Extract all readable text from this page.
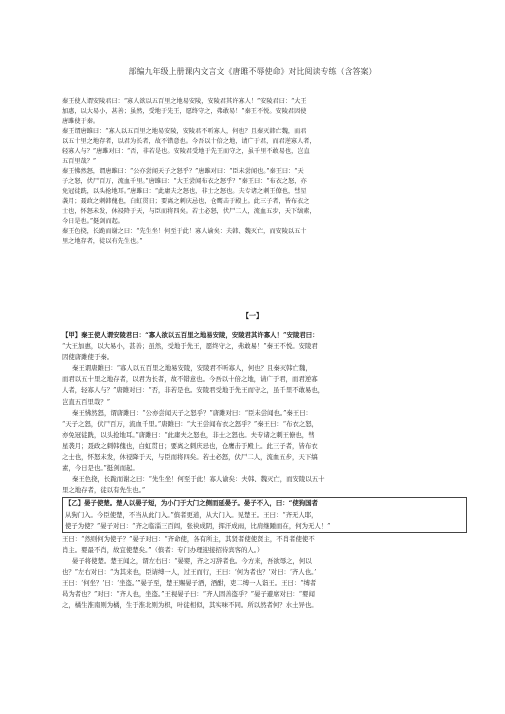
部编九年级上册课内文言文《唐雎不辱使命》对比阅读专练（含答案）

秦王使人谓安陵君曰：“寡人欲以五百里之地易安陵，安陵君其许寡人！”安陵君曰：“大王

加惠，以大易小，甚善；虽然，受地于先王，愿终守之，弗敢易！”秦王不悦。安陵君因使

唐雎使于秦。

秦王谓唐雎曰：“寡人以五百里之地易安陵，安陵君不听寡人，何也？且秦灭韩亡魏，而君

以五十里之地存者，以君为长者，故不错意也。今吾以十倍之地，请广于君，而君逆寡人者，

轻寡人与？”唐雎对曰：“否，非若是也。安陵君受地于先王而守之，虽千里不敢易也，岂直

五百里哉？”

秦王怫然怒，谓唐雎曰：“公亦尝闻天子之怒乎？”唐雎对曰：“臣未尝闻也。”秦王曰：“天

子之怒，伏尸百万，流血千里。”唐雎曰：“大王尝闻布衣之怒乎？”秦王曰：“布衣之怒，亦

免冠徒跣，以头抢地耳。”唐雎曰：“此庸夫之怒也，非士之怒也。夫专诸之刺王僚也，彗星

袭月；聂政之刺韩傀也，白虹贯日；要离之刺庆忌也，仓鹰击于殿上。此三子者，皆布衣之

士也，怀怒未发，休祲降于天，与臣而将四矣。若士必怒，伏尸二人，流血五步，天下缟素，

今日是也。”挺剑而起。

秦王色挠，长跪而谢之曰：“先生坐！何至于此！寡人谕矣：夫韩、魏灭亡，而安陵以五十

里之地存者，徒以有先生也。”

【一】

【甲】秦王使人谓安陵君曰：“寡人欲以五百里之地易安陵，安陵君其许寡人！”安陵君曰：

“大王加惠，以大易小，甚善；虽然，受地于先王，愿终守之，弗敢易！”秦王不悦。安陵君

因使唐雎使于秦。

秦王谓唐雎曰：“寡人以五百里之地易安陵，安陵君不听寡人，何也？且秦灭韩亡魏，

而君以五十里之地存者，以君为长者，故不错意也。今吾以十倍之地，请广于君，而君逆寡

人者，轻寡人与？”唐雎对曰：“否，非若是也。安陵君受地于先王而守之，虽千里不敢易也，

岂直五百里哉？”

秦王怫然怒，谓唐雎曰：“公亦尝闻天子之怒乎？”唐雎对曰：“臣未尝闻也。”秦王曰：

“天子之怒，伏尸百万，流血千里。”唐雎曰：“大王尝闻布衣之怒乎？”秦王曰：“布衣之怒，

亦免冠徒跣，以头抢地耳。”唐雎曰：“此庸夫之怒也，非士之怒也。夫专诸之刺王僚也，彗

星袭月；聂政之刺韩傀也，白虹贯日；要离之刺庆忌也，仓鹰击于殿上。此三子者，皆布衣

之士也，怀怒未发，休祲降于天，与臣而将四矣。若士必怒，伏尸二人，流血五步，天下缟

素，今日是也。”挺剑而起。

秦王色挠，长跪而谢之曰：“先生坐！何至于此！寡人谕矣：夫韩、魏灭亡，而安陵以五十

里之地存者，徒以有先生也。”

【乙】晏子使楚。楚人以晏子短，为小门于大门之侧而延晏子。晏子不入，曰：“使狗国者

从狗门入。今臣使楚，不当从此门入。”傧者更道，从大门入。见楚王。王曰：“齐无人耶，

使子为使？”晏子对曰：“齐之临淄三百闾，张袂成阴，挥汗成雨，比肩继踵而在，何为无人！”

王曰：“然则何为使子？”晏子对曰：“齐命使，各有所主，其贤者使使贤主，不肖者使使不

肖主。婴最不肖，故宜使楚矣。”（傧者：专门办理迎接招待宾客的人。）

晏子将使楚。楚王闻之，谓左右曰：“晏婴，齐之习辞者也。今方来，吾欲辱之，何以

也？”左右对曰：“为其来也，臣请缚一人，过王而行，王曰：‘何为者也？’对曰：‘齐人也。’

王曰：‘何坐？’曰：‘坐盗。’”晏子至，楚王赐晏子酒，酒酣，吏二缚一人诣王。王曰：“缚者

曷为者也？”对曰：“齐人也，坐盗。”王视晏子曰：“齐人固善盗乎？”晏子避席对曰：“婴闻

之，橘生淮南则为橘，生于淮北则为枳，叶徒相似，其实味不同。所以然者何？水土异也。
